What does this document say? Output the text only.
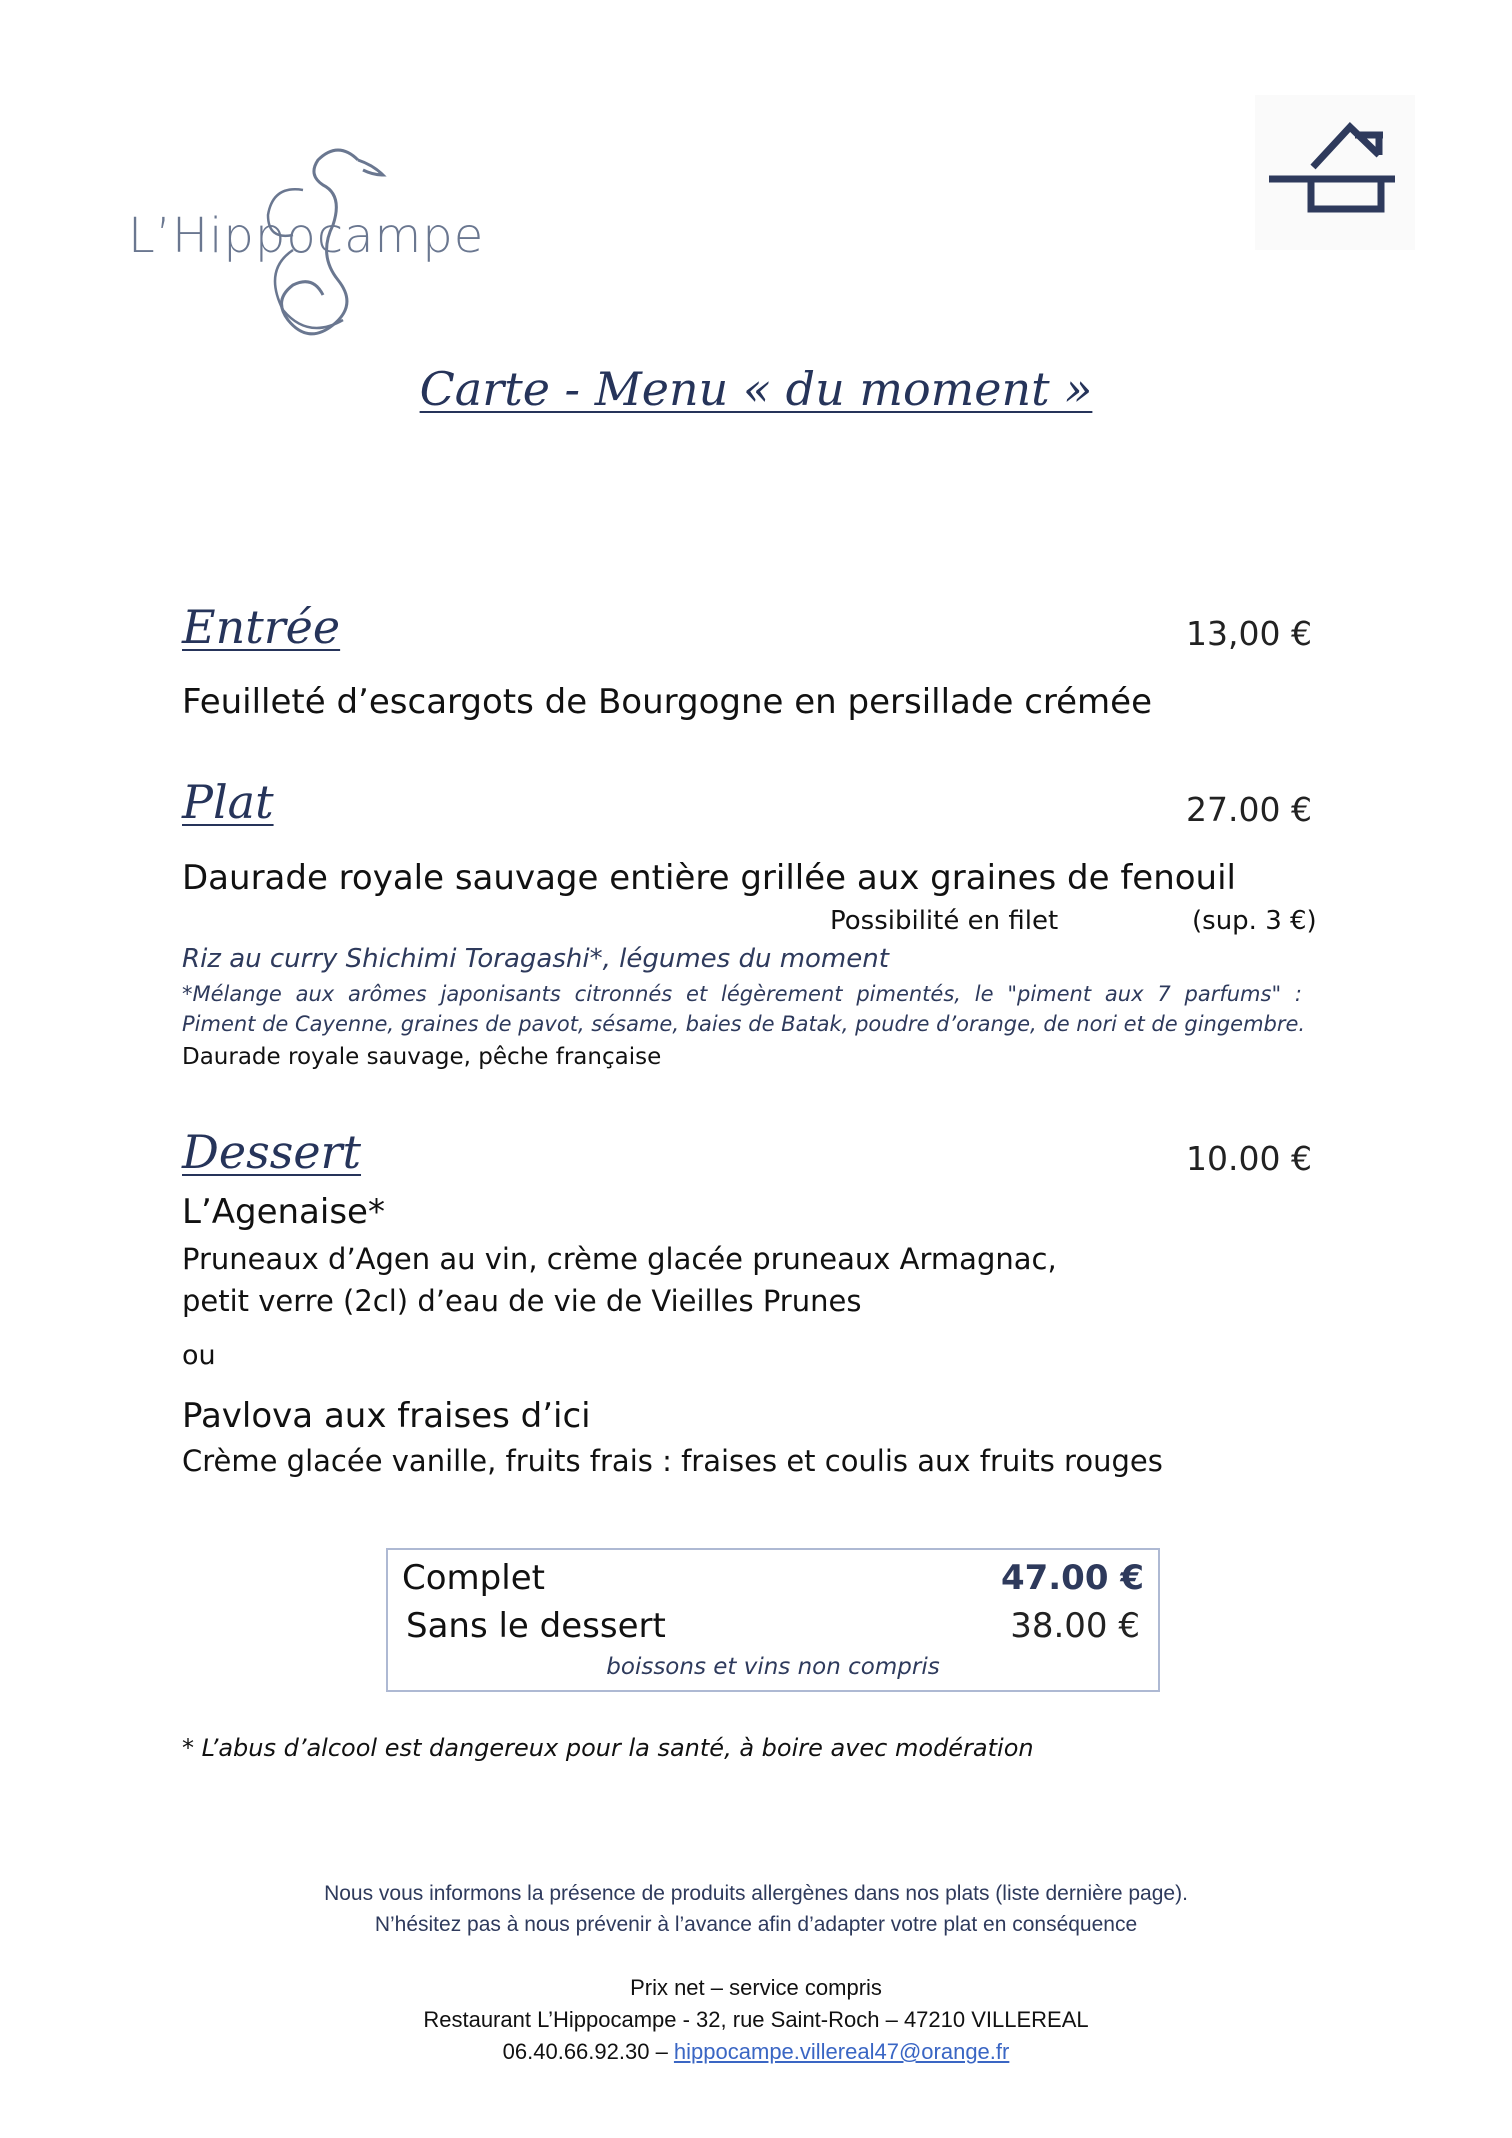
L’Hippocampe
Carte - Menu « du moment »
Entrée	13,00 €
Feuilleté d’escargots de Bourgogne en persillade crémée
Plat	27.00 €
Daurade royale sauvage entière grillée aux graines de fenouil
Possibilité en filet	(sup. 3 €)
Riz au curry Shichimi Toragashi*, légumes du moment
*Mélange aux arômes japonisants citronnés et légèrement pimentés, le "piment aux 7 parfums" :
Piment de Cayenne, graines de pavot, sésame, baies de Batak, poudre d’orange, de nori et de gingembre.
Daurade royale sauvage, pêche française
Dessert	10.00 €
L’Agenaise*
Pruneaux d’Agen au vin, crème glacée pruneaux Armagnac,
petit verre (2cl) d’eau de vie de Vieilles Prunes
ou
Pavlova aux fraises d’ici
Crème glacée vanille, fruits frais : fraises et coulis aux fruits rouges
Complet	47.00 €
Sans le dessert	38.00 €
boissons et vins non compris
* L’abus d’alcool est dangereux pour la santé, à boire avec modération
Nous vous informons la présence de produits allergènes dans nos plats (liste dernière page).
N’hésitez pas à nous prévenir à l’avance afin d’adapter votre plat en conséquence
Prix net – service compris
Restaurant L’Hippocampe - 32, rue Saint-Roch – 47210 VILLEREAL
06.40.66.92.30 – hippocampe.villereal47@orange.fr
